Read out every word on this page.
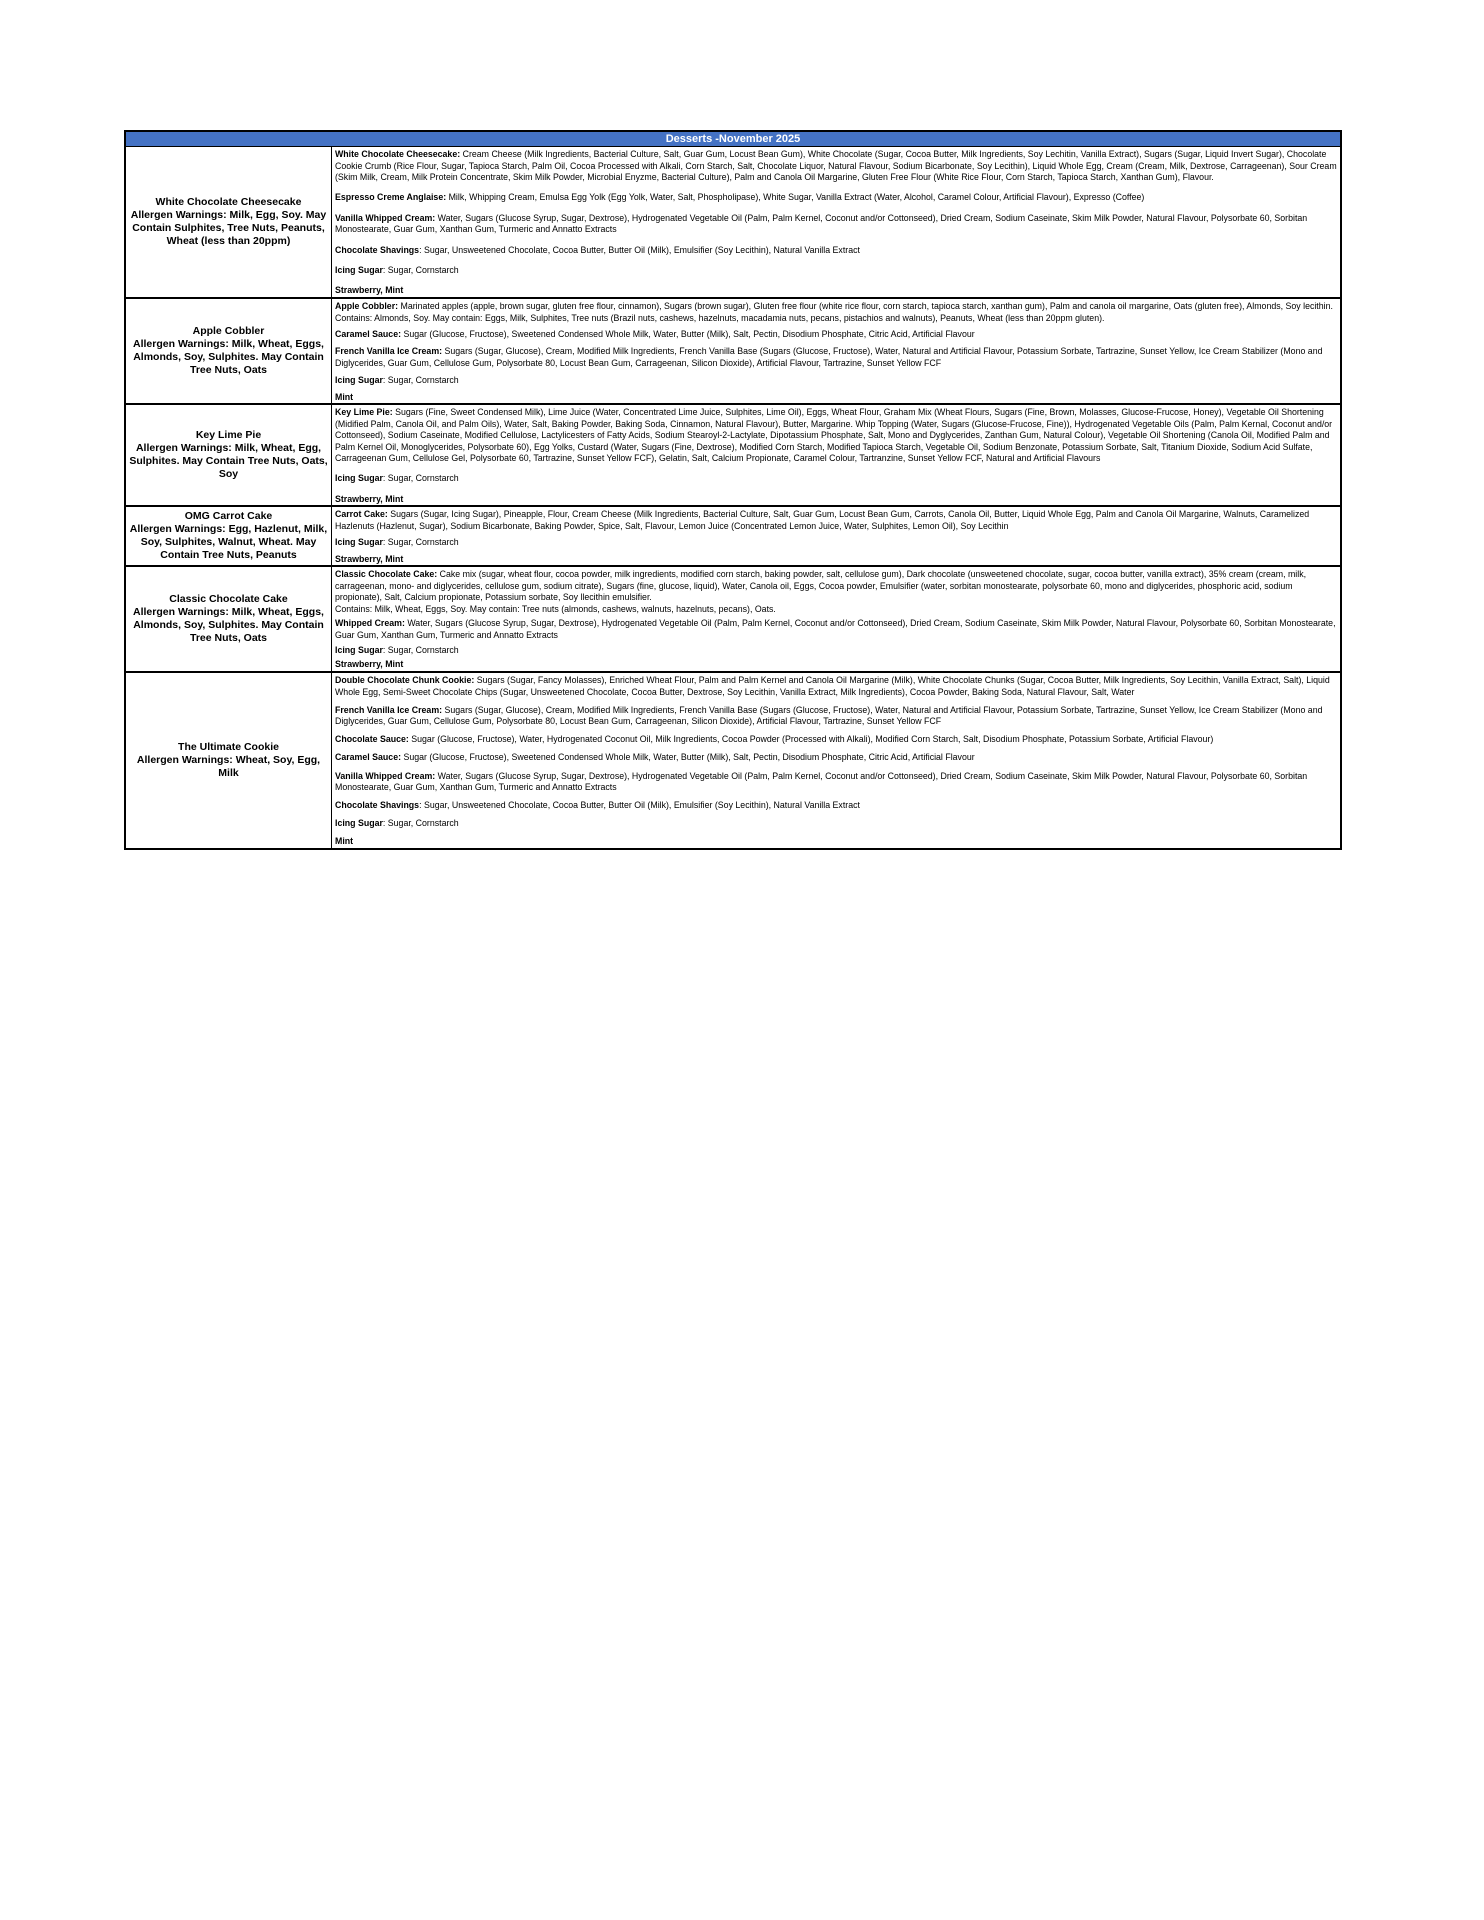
Desserts -November 2025
White Chocolate Cheesecake
Allergen Warnings: Milk, Egg, Soy. May Contain Sulphites, Tree Nuts, Peanuts, Wheat (less than 20ppm)
White Chocolate Cheesecake: Cream Cheese (Milk Ingredients, Bacterial Culture, Salt, Guar Gum, Locust Bean Gum), White Chocolate (Sugar, Cocoa Butter, Milk Ingredients, Soy Lechitin, Vanilla Extract), Sugars (Sugar, Liquid Invert Sugar), Chocolate Cookie Crumb (Rice Flour, Sugar, Tapioca Starch, Palm Oil, Cocoa Processed with Alkali, Corn Starch, Salt, Chocolate Liquor, Natural Flavour, Sodium Bicarbonate, Soy Lecithin), Liquid Whole Egg, Cream (Cream, Milk, Dextrose, Carrageenan), Sour Cream (Skim Milk, Cream, Milk Protein Concentrate, Skim Milk Powder, Microbial Enyzme, Bacterial Culture), Palm and Canola Oil Margarine, Gluten Free Flour (White Rice Flour, Corn Starch, Tapioca Starch, Xanthan Gum), Flavour.
Espresso Creme Anglaise: Milk, Whipping Cream, Emulsa Egg Yolk (Egg Yolk, Water, Salt, Phospholipase), White Sugar, Vanilla Extract (Water, Alcohol, Caramel Colour, Artificial Flavour), Expresso (Coffee)
Vanilla Whipped Cream: Water, Sugars (Glucose Syrup, Sugar, Dextrose), Hydrogenated Vegetable Oil (Palm, Palm Kernel, Coconut and/or Cottonseed), Dried Cream, Sodium Caseinate, Skim Milk Powder, Natural Flavour, Polysorbate 60, Sorbitan Monostearate, Guar Gum, Xanthan Gum, Turmeric and Annatto Extracts
Chocolate Shavings: Sugar, Unsweetened Chocolate, Cocoa Butter, Butter Oil (Milk), Emulsifier (Soy Lecithin), Natural Vanilla Extract
Icing Sugar: Sugar, Cornstarch
Strawberry, Mint
Apple Cobbler
Allergen Warnings: Milk, Wheat, Eggs, Almonds, Soy, Sulphites. May Contain Tree Nuts, Oats
Apple Cobbler: Marinated apples (apple, brown sugar, gluten free flour, cinnamon), Sugars (brown sugar), Gluten free flour (white rice flour, corn starch, tapioca starch, xanthan gum), Palm and canola oil margarine, Oats (gluten free), Almonds, Soy lecithin. Contains: Almonds, Soy. May contain: Eggs, Milk, Sulphites, Tree nuts (Brazil nuts, cashews, hazelnuts, macadamia nuts, pecans, pistachios and walnuts), Peanuts, Wheat (less than 20ppm gluten).
Caramel Sauce: Sugar (Glucose, Fructose), Sweetened Condensed Whole Milk, Water, Butter (Milk), Salt, Pectin, Disodium Phosphate, Citric Acid, Artificial Flavour
French Vanilla Ice Cream: Sugars (Sugar, Glucose), Cream, Modified Milk Ingredients, French Vanilla Base (Sugars (Glucose, Fructose), Water, Natural and Artificial Flavour, Potassium Sorbate, Tartrazine, Sunset Yellow, Ice Cream Stabilizer (Mono and Diglycerides, Guar Gum, Cellulose Gum, Polysorbate 80, Locust Bean Gum, Carrageenan, Silicon Dioxide), Artificial Flavour, Tartrazine, Sunset Yellow FCF
Icing Sugar: Sugar, Cornstarch
Mint
Key Lime Pie
Allergen Warnings: Milk, Wheat, Egg, Sulphites. May Contain Tree Nuts, Oats, Soy
Key Lime Pie: Sugars (Fine, Sweet Condensed Milk), Lime Juice (Water, Concentrated Lime Juice, Sulphites, Lime Oil), Eggs, Wheat Flour, Graham Mix (Wheat Flours, Sugars (Fine, Brown, Molasses, Glucose-Frucose, Honey), Vegetable Oil Shortening (Midified Palm, Canola Oil, and Palm Oils), Water, Salt, Baking Powder, Baking Soda, Cinnamon, Natural Flavour), Butter, Margarine. Whip Topping (Water, Sugars (Glucose-Frucose, Fine)), Hydrogenated Vegetable Oils (Palm, Palm Kernal, Coconut and/or Cottonseed), Sodium Caseinate, Modified Cellulose, Lactylicesters of Fatty Acids, Sodium Stearoyl-2-Lactylate, Dipotassium Phosphate, Salt, Mono and Dyglycerides, Zanthan Gum, Natural Colour), Vegetable Oil Shortening (Canola Oil, Modified Palm and Palm Kernel Oil, Monoglycerides, Polysorbate 60), Egg Yolks, Custard (Water, Sugars (Fine, Dextrose), Modified Corn Starch, Modified Tapioca Starch, Vegetable Oil, Sodium Benzonate, Potassium Sorbate, Salt, Titanium Dioxide, Sodium Acid Sulfate, Carrageenan Gum, Cellulose Gel, Polysorbate 60, Tartrazine, Sunset Yellow FCF), Gelatin, Salt, Calcium Propionate, Caramel Colour, Tartranzine, Sunset Yellow FCF, Natural and Artificial Flavours
Icing Sugar: Sugar, Cornstarch
Strawberry, Mint
OMG Carrot Cake
Allergen Warnings: Egg, Hazlenut, Milk, Soy, Sulphites, Walnut, Wheat. May Contain Tree Nuts, Peanuts
Carrot Cake: Sugars (Sugar, Icing Sugar), Pineapple, Flour, Cream Cheese (Milk Ingredients, Bacterial Culture, Salt, Guar Gum, Locust Bean Gum, Carrots, Canola Oil, Butter, Liquid Whole Egg, Palm and Canola Oil Margarine, Walnuts, Caramelized Hazlenuts (Hazlenut, Sugar), Sodium Bicarbonate, Baking Powder, Spice, Salt, Flavour, Lemon Juice (Concentrated Lemon Juice, Water, Sulphites, Lemon Oil), Soy Lecithin
Icing Sugar: Sugar, Cornstarch
Strawberry, Mint
Classic Chocolate Cake
Allergen Warnings: Milk, Wheat, Eggs, Almonds, Soy, Sulphites. May Contain Tree Nuts, Oats
Classic Chocolate Cake: Cake mix (sugar, wheat flour, cocoa powder, milk ingredients, modified corn starch, baking powder, salt, cellulose gum), Dark chocolate (unsweetened chocolate, sugar, cocoa butter, vanilla extract), 35% cream (cream, milk, carrageenan, mono- and diglycerides, cellulose gum, sodium citrate), Sugars (fine, glucose, liquid), Water, Canola oil, Eggs, Cocoa powder, Emulsifier (water, sorbitan monostearate, polysorbate 60, mono and diglycerides, phosphoric acid, sodium propionate), Salt, Calcium propionate, Potassium sorbate, Soy llecithin emulsifier.
Contains: Milk, Wheat, Eggs, Soy. May contain: Tree nuts (almonds, cashews, walnuts, hazelnuts, pecans), Oats.
Whipped Cream: Water, Sugars (Glucose Syrup, Sugar, Dextrose), Hydrogenated Vegetable Oil (Palm, Palm Kernel, Coconut and/or Cottonseed), Dried Cream, Sodium Caseinate, Skim Milk Powder, Natural Flavour, Polysorbate 60, Sorbitan Monostearate, Guar Gum, Xanthan Gum, Turmeric and Annatto Extracts
Icing Sugar: Sugar, Cornstarch
Strawberry, Mint
The Ultimate Cookie
Allergen Warnings: Wheat, Soy, Egg, Milk
Double Chocolate Chunk Cookie: Sugars (Sugar, Fancy Molasses), Enriched Wheat Flour, Palm and Palm Kernel and Canola Oil Margarine (Milk), White Chocolate Chunks (Sugar, Cocoa Butter, Milk Ingredients, Soy Lecithin, Vanilla Extract, Salt), Liquid Whole Egg, Semi-Sweet Chocolate Chips (Sugar, Unsweetened Chocolate, Cocoa Butter, Dextrose, Soy Lecithin, Vanilla Extract, Milk Ingredients), Cocoa Powder, Baking Soda, Natural Flavour, Salt, Water
French Vanilla Ice Cream: Sugars (Sugar, Glucose), Cream, Modified Milk Ingredients, French Vanilla Base (Sugars (Glucose, Fructose), Water, Natural and Artificial Flavour, Potassium Sorbate, Tartrazine, Sunset Yellow, Ice Cream Stabilizer (Mono and Diglycerides, Guar Gum, Cellulose Gum, Polysorbate 80, Locust Bean Gum, Carrageenan, Silicon Dioxide), Artificial Flavour, Tartrazine, Sunset Yellow FCF
Chocolate Sauce: Sugar (Glucose, Fructose), Water, Hydrogenated Coconut Oil, Milk Ingredients, Cocoa Powder (Processed with Alkali), Modified Corn Starch, Salt, Disodium Phosphate, Potassium Sorbate, Artificial Flavour)
Caramel Sauce: Sugar (Glucose, Fructose), Sweetened Condensed Whole Milk, Water, Butter (Milk), Salt, Pectin, Disodium Phosphate, Citric Acid, Artificial Flavour
Vanilla Whipped Cream: Water, Sugars (Glucose Syrup, Sugar, Dextrose), Hydrogenated Vegetable Oil (Palm, Palm Kernel, Coconut and/or Cottonseed), Dried Cream, Sodium Caseinate, Skim Milk Powder, Natural Flavour, Polysorbate 60, Sorbitan Monostearate, Guar Gum, Xanthan Gum, Turmeric and Annatto Extracts
Chocolate Shavings: Sugar, Unsweetened Chocolate, Cocoa Butter, Butter Oil (Milk), Emulsifier (Soy Lecithin), Natural Vanilla Extract
Icing Sugar: Sugar, Cornstarch
Mint
